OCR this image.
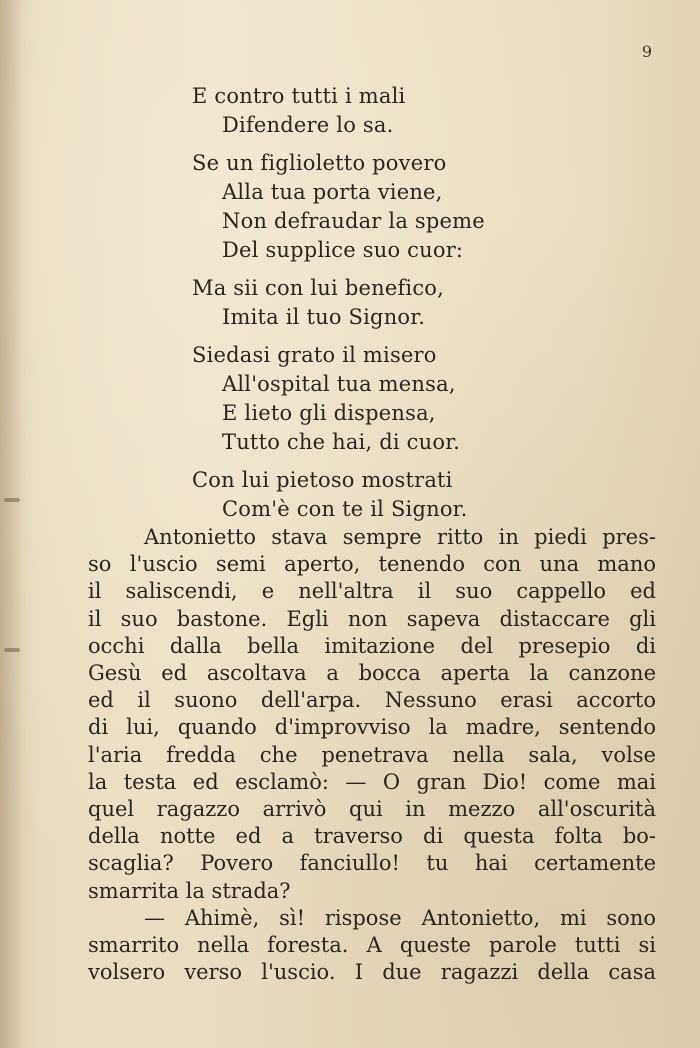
9
E contro tutti i mali
Difendere lo sa.
Se un figlioletto povero
Alla tua porta viene,
Non defraudar la speme
Del supplice suo cuor:
Ma sii con lui benefico,
Imita il tuo Signor.
Siedasi grato il misero
All'ospital tua mensa,
E lieto gli dispensa,
Tutto che hai, di cuor.
Con lui pietoso mostrati
Com'è con te il Signor.
Antonietto stava sempre ritto in piedi pres-
so l'uscio semi aperto, tenendo con una mano
il saliscendi, e nell'altra il suo cappello ed
il suo bastone. Egli non sapeva distaccare gli
occhi dalla bella imitazione del presepio di
Gesù ed ascoltava a bocca aperta la canzone
ed il suono dell'arpa. Nessuno erasi accorto
di lui, quando d'improvviso la madre, sentendo
l'aria fredda che penetrava nella sala, volse
la testa ed esclamò: — O gran Dio! come mai
quel ragazzo arrivò qui in mezzo all'oscurità
della notte ed a traverso di questa folta bo-
scaglia? Povero fanciullo! tu hai certamente
smarrita la strada?
— Ahimè, sì! rispose Antonietto, mi sono
smarrito nella foresta. A queste parole tutti si
volsero verso l'uscio. I due ragazzi della casa
